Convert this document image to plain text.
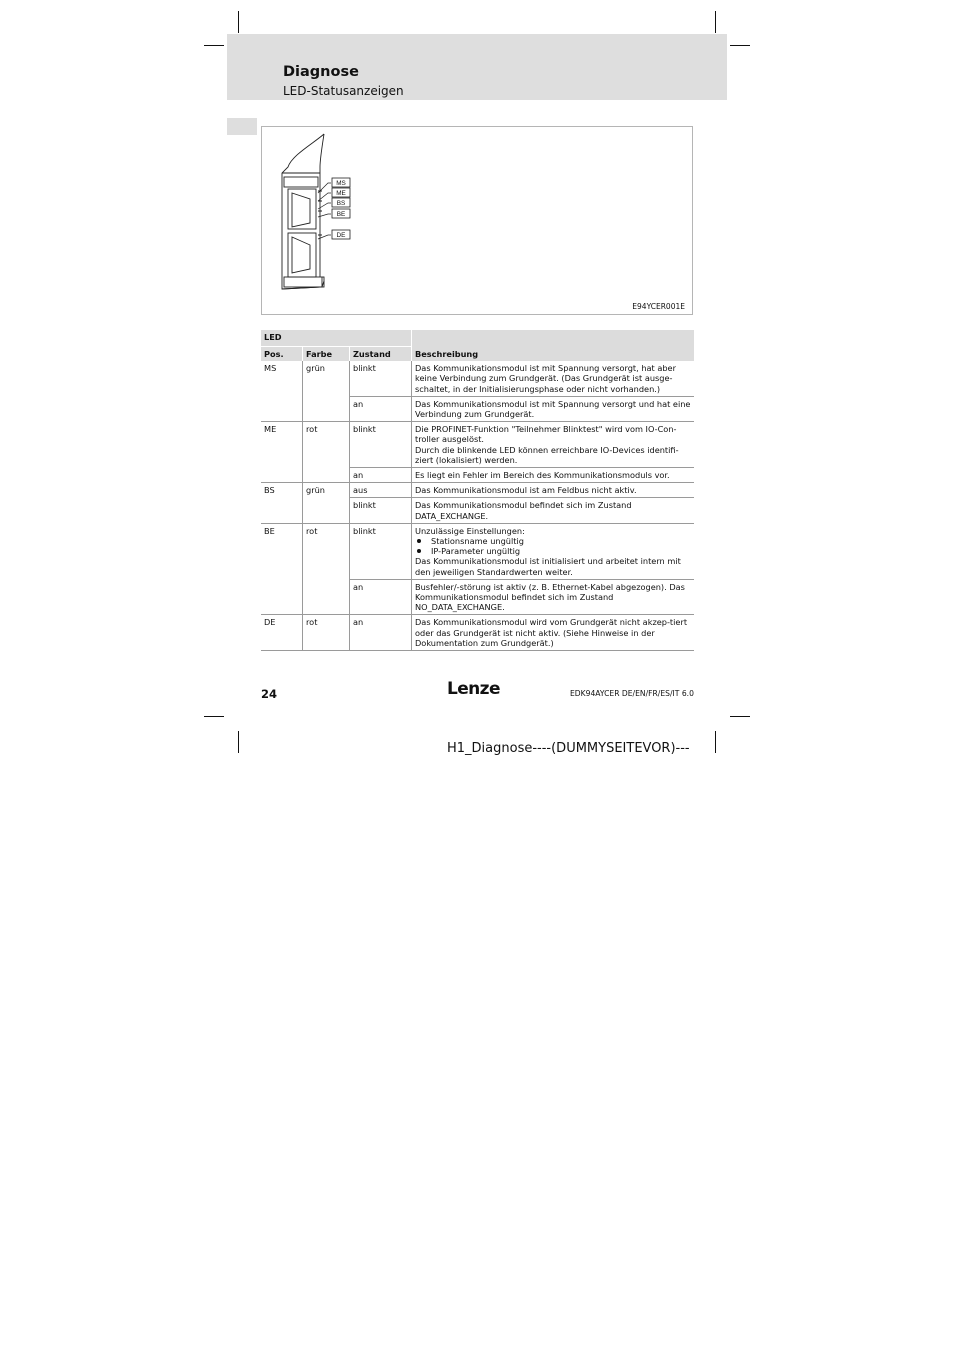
Diagnose
LED-Statusanzeigen
MS
ME
BS
BE
DE
E94YCER001E
LED			Beschreibung
Pos.	Farbe	Zustand	
MS	grün	blinkt	Das Kommunikationsmodul ist mit Spannung versorgt, hat aber keine Verbindung zum Grundgerät. (Das Grundgerät ist ausge-schaltet, in der Initialisierungsphase oder nicht vorhanden.)
		an	Das Kommunikationsmodul ist mit Spannung versorgt und hat eine Verbindung zum Grundgerät.
ME	rot	blinkt	Die PROFINET-Funktion "Teilnehmer Blinktest" wird vom IO-Con-troller ausgelöst.
Durch die blinkende LED können erreichbare IO-Devices identifi-ziert (lokalisiert) werden.

		an	Es liegt ein Fehler im Bereich des Kommunikationsmoduls vor.
BS	grün	aus	Das Kommunikationsmodul ist am Feldbus nicht aktiv.
		blinkt	Das Kommunikationsmodul befindet sich im Zustand
DATA_EXCHANGE.

BE	rot	blinkt	Unzulässige Einstellungen:
Stationsname ungültig
IP-Parameter ungültig
Das Kommunikationsmodul ist initialisiert und arbeitet intern mit den jeweiligen Standardwerten weiter.

		an	Busfehler/-störung ist aktiv (z. B. Ethernet-Kabel abgezogen). Das Kommunikationsmodul befindet sich im Zustand
NO_DATA_EXCHANGE.

DE	rot	an	Das Kommunikationsmodul wird vom Grundgerät nicht akzep-tiert oder das Grundgerät ist nicht aktiv. (Siehe Hinweise in der Dokumentation zum Grundgerät.)
24	Lenze	EDK94AYCER DE/EN/FR/ES/IT 6.0
H1_Diagnose----(DUMMYSEITEVOR)---
